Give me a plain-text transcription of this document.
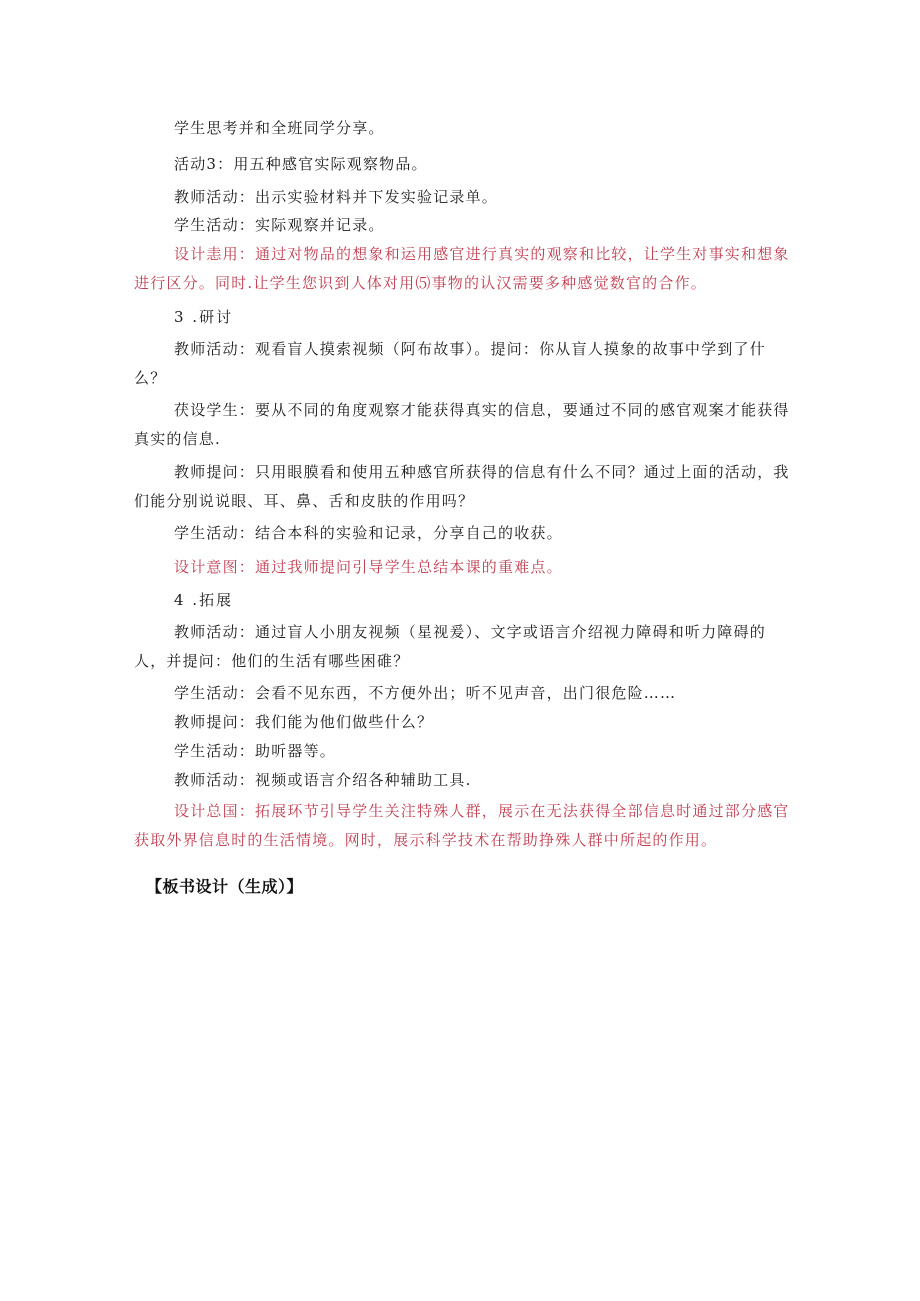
学生思考并和全班同学分享。

活动3：用五种感官实际观察物品。

教师活动：出示实验材料并下发实验记录单。

学生活动：实际观察并记录。

设计恚用：通过对物品的想象和运用感官进行真实的观察和比较，让学生对事实和想象进行区分。同时.让学生您识到人体对用⑸事物的认汉需要多种感觉数官的合作。

3 .研讨

教师活动：观看盲人摸索视频（阿布故事）。提问：你从盲人摸象的故事中学到了什么？

茯设学生：要从不同的角度观察才能获得真实的信息，要通过不同的感官观案才能获得真实的信息.

教师提问：只用眼膜看和使用五种感官所获得的信息有什么不同？通过上面的活动，我们能分别说说眼、耳、鼻、舌和皮肤的作用吗？

学生活动：结合本科的实验和记录，分享自己的收获。

设计意图：通过我师提问引导学生总结本课的重难点。

4 .拓展

教师活动：通过盲人小朋友视频（星视爰）、文字或语言介绍视力障碍和听力障碍的人，并提问：他们的生活有哪些困碓？

学生活动：会看不见东西，不方便外出；听不见声音，出门很危险……

教师提问：我们能为他们做些什么？

学生活动：助听器等。

教师活动：视频或语言介绍各种辅助工具.

设计总国：拓展环节引导学生关注特殊人群，展示在无法获得全部信息时通过部分感官获取外界信息时的生活情境。网时，展示科学技术在帮助挣殊人群中所起的作用。

【板书设计（生成）】
